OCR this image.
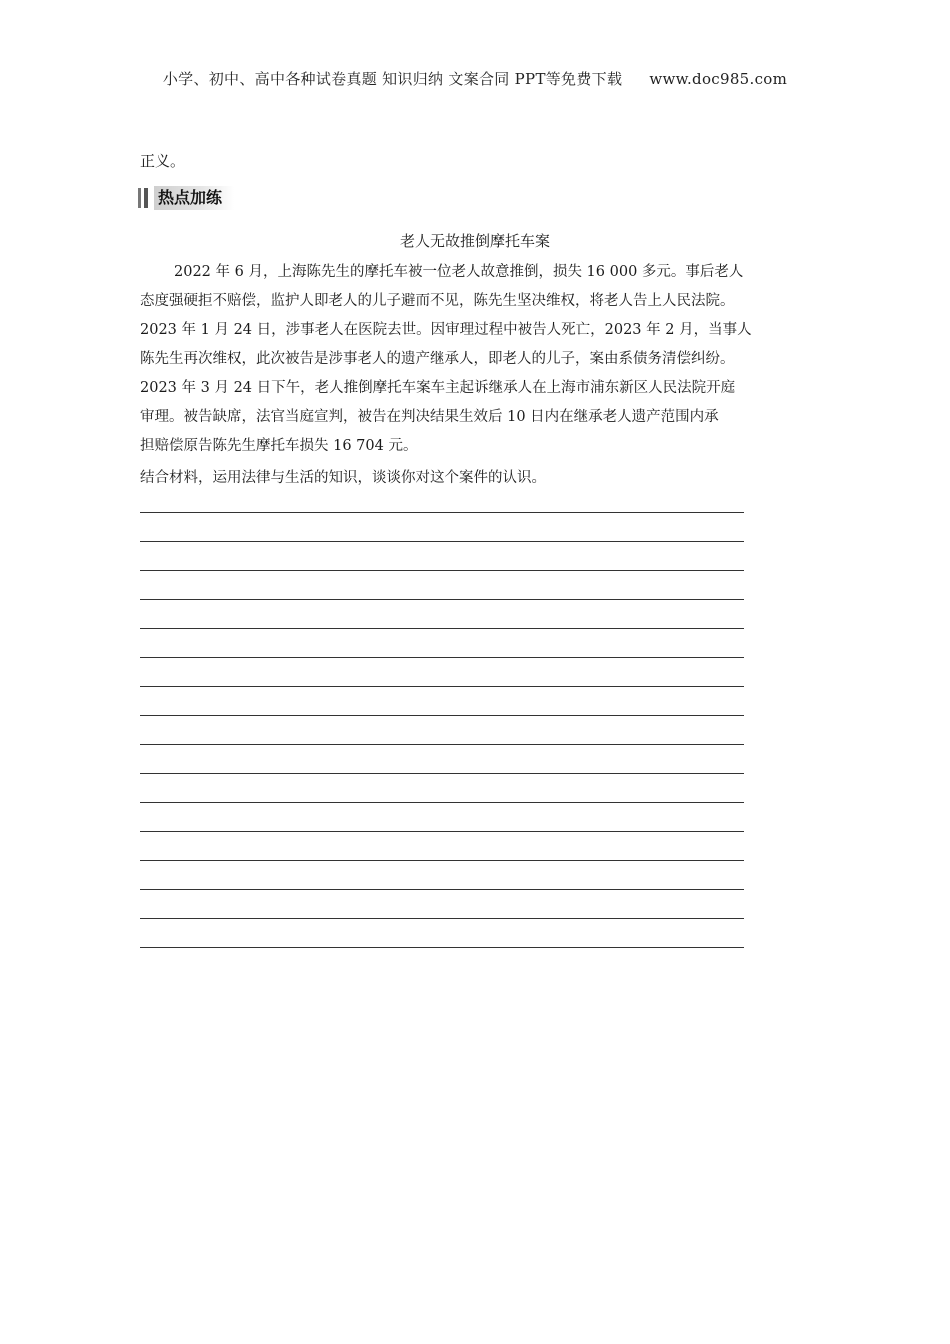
小学、初中、高中各种试卷真题 知识归纳 文案合同 PPT等免费下载 www.doc985.com
正义。
热点加练
老人无故推倒摩托车案
2022 年 6 月，上海陈先生的摩托车被一位老人故意推倒，损失 16 000 多元。事后老人
态度强硬拒不赔偿，监护人即老人的儿子避而不见，陈先生坚决维权，将老人告上人民法院。
2023 年 1 月 24 日，涉事老人在医院去世。因审理过程中被告人死亡，2023 年 2 月，当事人
陈先生再次维权，此次被告是涉事老人的遗产继承人，即老人的儿子，案由系债务清偿纠纷。
2023 年 3 月 24 日下午，老人推倒摩托车案车主起诉继承人在上海市浦东新区人民法院开庭
审理。被告缺席，法官当庭宣判，被告在判决结果生效后 10 日内在继承老人遗产范围内承
担赔偿原告陈先生摩托车损失 16 704 元。
结合材料，运用法律与生活的知识，谈谈你对这个案件的认识。
